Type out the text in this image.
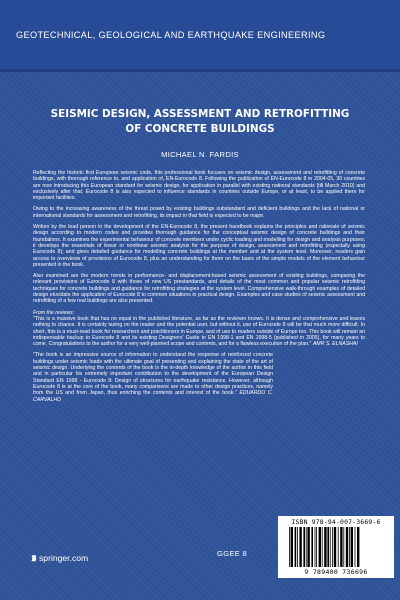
GEOTECHNICAL, GEOLOGICAL AND EARTHQUAKE ENGINEERING
SEISMIC DESIGN, ASSESSMENT AND RETROFITTING
OF CONCRETE BUILDINGS
MICHAEL N. FARDIS

Reflecting the historic first European seismic code, this professional book focuses on seismic design, assessment and retrofitting of concrete buildings, with thorough reference to, and application of, EN-Eurocode 8. Following the publication of EN-Eurocode 8 in 2004-05, 30 countries are now introducing this European standard for seismic design, for application in parallel with existing national standards (till March 2010) and exclusively after that. Eurocode 8 is also expected to influence standards in countries outside Europe, or at least, to be applied there for important facilities.

Owing to the increasing awareness of the threat posed by existing buildings substandard and deficient buildings and the lack of national or international standards for assessment and retrofitting, its impact in that field is expected to be major.

Written by the lead person in the development of the EN-Eurocode 8, the present handbook explains the principles and rationale of seismic design according to modern codes and provides thorough guidance for the conceptual seismic design of concrete buildings and their foundations. It examines the experimental behaviour of concrete members under cyclic loading and modelling for design and analysis purposes; it develops the essentials of linear or nonlinear seismic analysis for the purpose of design, assessment and retrofitting (especially using Eurocode 8); and gives detailed guidance for modelling concrete buildings at the member and at the system level. Moreover, readers gain access to overviews of provisions of Eurocode 8, plus an understanding for them on the basis of the simple models of the element behaviour presented in the book.

Also examined are the modern trends in performance- and displacement-based seismic assessment of existing buildings, comparing the relevant provisions of Eurocode 8 with those of new US prestandards, and details of the most common and popular seismic retrofitting techniques for concrete buildings and guidance for retrofitting strategies at the system level. Comprehensive walk-through examples of detailed design elucidate the application of Eurocode 8 to common situations in practical design. Examples and case studies of seismic assessment and retrofitting of a few real buildings are also presented.

From the reviews:

"This is a massive book that has no equal in the published literature, as far as the reviewer knows. It is dense and comprehensive and leaves nothing to chance. It is certainly taxing on the reader and the potential user, but without it, use of Eurocode 8 will be that much more difficult. In short, this is a must-read book for researchers and practitioners in Europe, and of use to readers outside of Europe too. This book will remain an indispensable backup to Eurocode 8 and its existing Designers' Guide to EN 1998-1 and EN 1998-5 (published in 2005), for many years to come. Congratulations to the author for a very well-planned scope and contents, and for a flawless execution of the plan." AMR S. ELNASHAI

"The book is an impressive source of information to understand the response of reinforced concrete buildings under seismic loads with the ultimate goal of presenting and explaining the state of the art of seismic design. Underlying the contents of the book is the in-depth knowledge of the author in this field and in particular his extremely important contribution to the development of the European Design Standard EN 1998 - Eurocode 8: Design of structures for earthquake resistance. However, although Eurocode 8 is at the core of the book, many comparisons are made to other design practices, namely from the US and from Japan, thus enriching the contents and interest of the book." EDUARDO C. CARVALHO

ISBN 978-94-007-3669-6
9 789400 736696
springer.com	GGEE 8
